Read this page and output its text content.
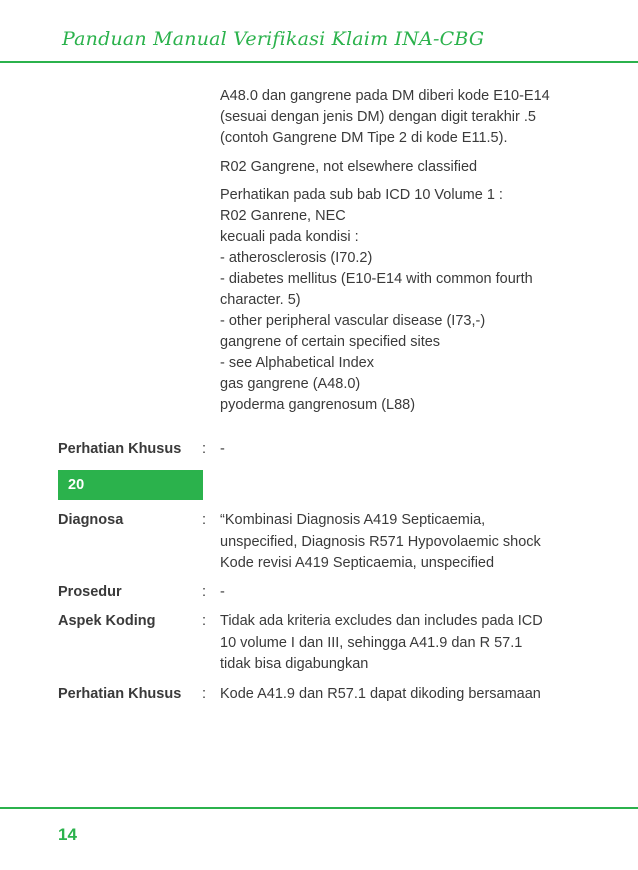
Panduan Manual Verifikasi Klaim INA-CBG
A48.0 dan gangrene pada DM diberi kode E10-E14
(sesuai dengan jenis DM) dengan digit terakhir .5
(contoh Gangrene DM Tipe 2 di kode E11.5).
R02 Gangrene, not elsewhere classified
Perhatikan pada sub bab ICD 10 Volume 1 :
R02 Ganrene, NEC
kecuali pada kondisi :
- atherosclerosis (I70.2)
- diabetes mellitus (E10-E14 with common fourth
character. 5)
- other peripheral vascular disease (I73,-)
gangrene of certain specified sites
- see Alphabetical Index
gas gangrene (A48.0)
pyoderma gangrenosum (L88)
Perhatian Khusus : -
20
Diagnosa	: “Kombinasi Diagnosis A419 Septicaemia,
unspecified, Diagnosis R571 Hypovolaemic shock
Kode revisi A419 Septicaemia, unspecified
Prosedur	: -
Aspek Koding	: Tidak ada kriteria excludes dan includes pada ICD
10 volume I dan III, sehingga A41.9 dan R 57.1
tidak bisa digabungkan
Perhatian Khusus : Kode A41.9 dan R57.1 dapat dikoding bersamaan
14
